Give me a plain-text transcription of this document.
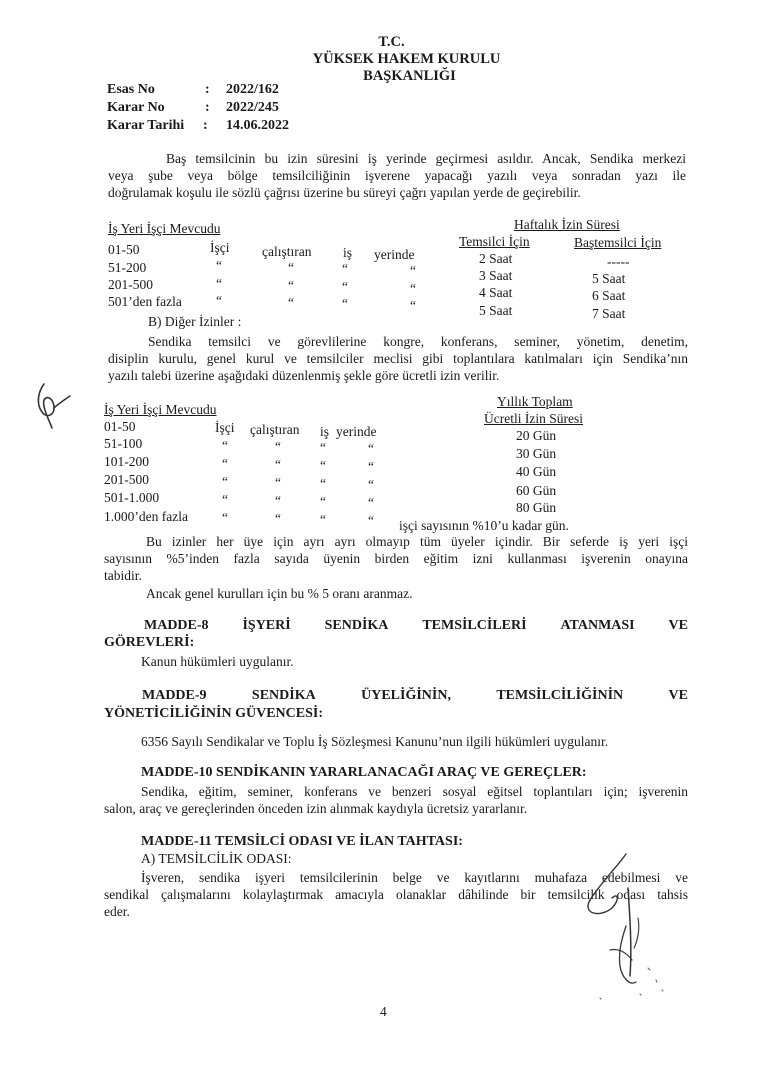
T.C.
YÜKSEK HAKEM KURULU
BAŞKANLIĞI
Esas No	: 2022/162
Karar No	: 2022/245
Karar Tarihi : 14.06.2022
Baş temsilcinin bu izin süresini iş yerinde geçirmesi asıldır. Ancak, Sendika merkezi
veya şube veya bölge temsilciliğinin işverene yapacağı yazılı veya sonradan yazı ile
doğrulamak koşulu ile sözlü çağrısı üzerine bu süreyi çağrı yapılan yerde de geçirebilir.
İş Yeri İşçi Mevcudu	Haftalık İzin Süresi
Temsilci İçin	Baştemsilci İçin
01-50	İşçi çalıştıran iş yerinde	2 Saat	-----
51-200	“	“	“	“	3 Saat	5 Saat
201-500	“	“	“	“	4 Saat	6 Saat
501’den fazla	“	“	“	“	5 Saat	7 Saat
B) Diğer İzinler :
Sendika temsilci ve görevlilerine kongre, konferans, seminer, yönetim, denetim,
disiplin kurulu, genel kurul ve temsilciler meclisi gibi toplantılara katılmaları için Sendika’nın
yazılı talebi üzerine aşağıdaki düzenlenmiş şekle göre ücretli izin verilir.
İş Yeri İşçi Mevcudu
Yıllık Toplam
Ücretli İzin Süresi
01-50	İşçi çalıştıran iş yerinde	20 Gün
51-100	“	“	“	“	30 Gün
101-200	“	“	“	“	40 Gün
201-500	“	“	“	“	60 Gün
501-1.000	“	“	“	“	80 Gün
1.000’den fazla	“	“	“	“ işçi sayısının %10’u kadar gün.
Bu izinler her üye için ayrı ayrı olmayıp tüm üyeler içindir. Bir seferde iş yeri işçi
sayısının %5’inden fazla sayıda üyenin birden eğitim izni kullanması işverenin onayına
tabidir.
Ancak genel kurulları için bu % 5 oranı aranmaz.
MADDE-8 İŞYERİ SENDİKA TEMSİLCİLERİ ATANMASI VE
GÖREVLERİ:
Kanun hükümleri uygulanır.
MADDE-9	SENDİKA	ÜYELİĞİNİN,	TEMSİLCİLİĞİNİN	VE
YÖNETİCİLİĞİNİN GÜVENCESİ:
6356 Sayılı Sendikalar ve Toplu İş Sözleşmesi Kanunu’nun ilgili hükümleri uygulanır.
MADDE-10 SENDİKANIN YARARLANACAĞI ARAÇ VE GEREÇLER:
Sendika, eğitim, seminer, konferans ve benzeri sosyal eğitsel toplantıları için; işverenin
salon, araç ve gereçlerinden önceden izin alınmak kaydıyla ücretsiz yararlanır.
MADDE-11 TEMSİLCİ ODASI VE İLAN TAHTASI:
A) TEMSİLCİLİK ODASI:
İşveren, sendika işyeri temsilcilerinin belge ve kayıtlarını muhafaza edebilmesi ve
sendikal çalışmalarını kolaylaştırmak amacıyla olanaklar dâhilinde bir temsilcilik odası tahsis
eder.
4
